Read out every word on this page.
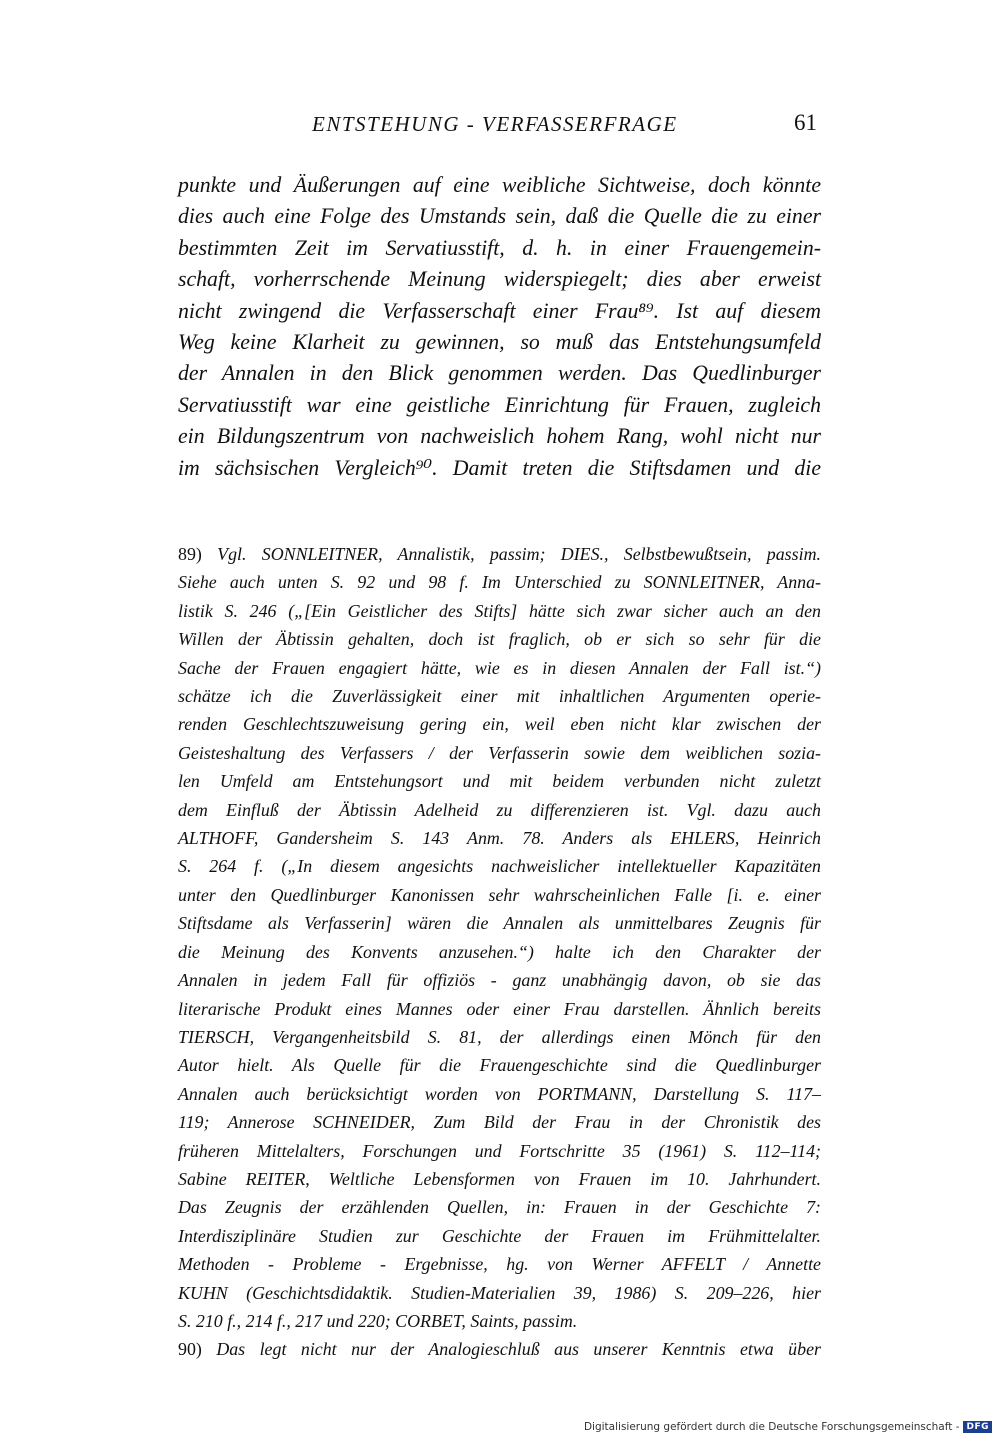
ENTSTEHUNG - VERFASSERFRAGE	61
punkte und Äußerungen auf eine weibliche Sichtweise, doch könnte
dies auch eine Folge des Umstands sein, daß die Quelle die zu einer
bestimmten Zeit im Servatiusstift, d. h. in einer Frauengemein-
schaft, vorherrschende Meinung widerspiegelt; dies aber erweist
nicht zwingend die Verfasserschaft einer Frau⁸⁹. Ist auf diesem
Weg keine Klarheit zu gewinnen, so muß das Entstehungsumfeld
der Annalen in den Blick genommen werden. Das Quedlinburger
Servatiusstift war eine geistliche Einrichtung für Frauen, zugleich
ein Bildungszentrum von nachweislich hohem Rang, wohl nicht nur
im sächsischen Vergleich⁹⁰. Damit treten die Stiftsdamen und die
89) Vgl. SONNLEITNER, Annalistik, passim; DIES., Selbstbewußtsein, passim.
Siehe auch unten S. 92 und 98 f. Im Unterschied zu SONNLEITNER, Anna-
listik S. 246 („[Ein Geistlicher des Stifts] hätte sich zwar sicher auch an den
Willen der Äbtissin gehalten, doch ist fraglich, ob er sich so sehr für die
Sache der Frauen engagiert hätte, wie es in diesen Annalen der Fall ist.“)
schätze ich die Zuverlässigkeit einer mit inhaltlichen Argumenten operie-
renden Geschlechtszuweisung gering ein, weil eben nicht klar zwischen der
Geisteshaltung des Verfassers / der Verfasserin sowie dem weiblichen sozia-
len Umfeld am Entstehungsort und mit beidem verbunden nicht zuletzt
dem Einfluß der Äbtissin Adelheid zu differenzieren ist. Vgl. dazu auch
ALTHOFF, Gandersheim S. 143 Anm. 78. Anders als EHLERS, Heinrich
S. 264 f. („In diesem angesichts nachweislicher intellektueller Kapazitäten
unter den Quedlinburger Kanonissen sehr wahrscheinlichen Falle [i. e. einer
Stiftsdame als Verfasserin] wären die Annalen als unmittelbares Zeugnis für
die Meinung des Konvents anzusehen.“) halte ich den Charakter der
Annalen in jedem Fall für offiziös - ganz unabhängig davon, ob sie das
literarische Produkt eines Mannes oder einer Frau darstellen. Ähnlich bereits
TIERSCH, Vergangenheitsbild S. 81, der allerdings einen Mönch für den
Autor hielt. Als Quelle für die Frauengeschichte sind die Quedlinburger
Annalen auch berücksichtigt worden von PORTMANN, Darstellung S. 117–
119; Annerose SCHNEIDER, Zum Bild der Frau in der Chronistik des
früheren Mittelalters, Forschungen und Fortschritte 35 (1961) S. 112–114;
Sabine REITER, Weltliche Lebensformen von Frauen im 10. Jahrhundert.
Das Zeugnis der erzählenden Quellen, in: Frauen in der Geschichte 7:
Interdisziplinäre Studien zur Geschichte der Frauen im Frühmittelalter.
Methoden - Probleme - Ergebnisse, hg. von Werner AFFELT / Annette
KUHN (Geschichtsdidaktik. Studien-Materialien 39, 1986) S. 209–226, hier
S. 210 f., 214 f., 217 und 220; CORBET, Saints, passim.
90) Das legt nicht nur der Analogieschluß aus unserer Kenntnis etwa über
Digitalisierung gefördert durch die Deutsche Forschungsgemeinschaft - DFG
